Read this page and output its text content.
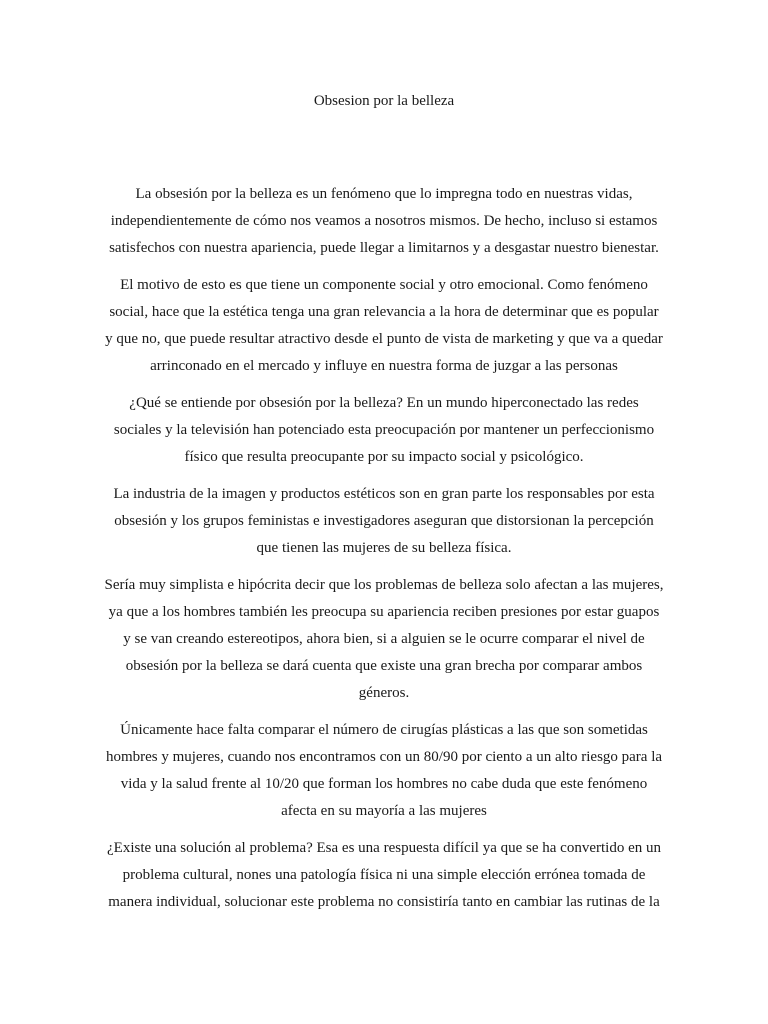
Obsesion por la belleza

La obsesión por la belleza es un fenómeno que lo impregna todo en nuestras vidas, independientemente de cómo nos veamos a nosotros mismos. De hecho, incluso si estamos satisfechos con nuestra apariencia, puede llegar a limitarnos y a desgastar nuestro bienestar.

El motivo de esto es que tiene un componente social y otro emocional. Como fenómeno social, hace que la estética tenga una gran relevancia a la hora de determinar que es popular y que no, que puede resultar atractivo desde el punto de vista de marketing y que va a quedar arrinconado en el mercado y influye en nuestra forma de juzgar a las personas

¿Qué se entiende por obsesión por la belleza? En un mundo hiperconectado las redes sociales y la televisión han potenciado esta preocupación por mantener un perfeccionismo físico que resulta preocupante por su impacto social y psicológico.

La industria de la imagen y productos estéticos son en gran parte los responsables por esta obsesión y los grupos feministas e investigadores aseguran que distorsionan la percepción que tienen las mujeres de su belleza física.

Sería muy simplista e hipócrita decir que los problemas de belleza solo afectan a las mujeres, ya que a los hombres también les preocupa su apariencia reciben presiones por estar guapos y se van creando estereotipos, ahora bien, si a alguien se le ocurre comparar el nivel de obsesión por la belleza se dará cuenta que existe una gran brecha por comparar ambos géneros.

Únicamente hace falta comparar el número de cirugías plásticas a las que son sometidas hombres y mujeres, cuando nos encontramos con un 80/90 por ciento a un alto riesgo para la vida y la salud frente al 10/20 que forman los hombres no cabe duda que este fenómeno afecta en su mayoría a las mujeres

¿Existe una solución al problema? Esa es una respuesta difícil ya que se ha convertido en un problema cultural, nones una patología física ni una simple elección errónea tomada de manera individual, solucionar este problema no consistiría tanto en cambiar las rutinas de la
